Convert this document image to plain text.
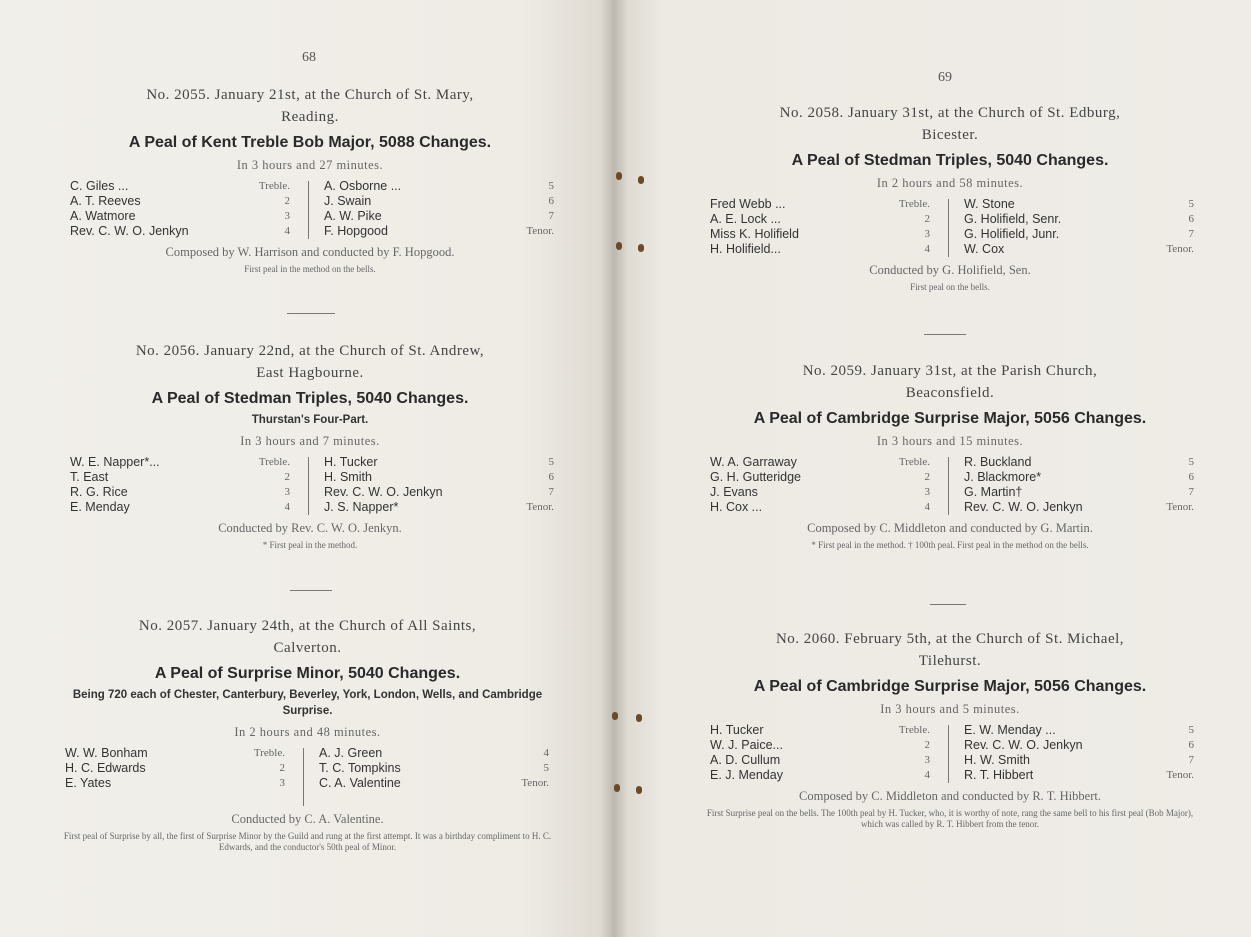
68
No. 2055. January 21st, at the Church of St. Mary,
Reading.
A Peal of Kent Treble Bob Major, 5088 Changes.
In 3 hours and 27 minutes.
C. Giles ...
A. T. Reeves
A. Watmore
Rev. C. W. O. Jenkyn
Treble.
2
3
4
A. Osborne ...
J. Swain
A. W. Pike
F. Hopgood
5
6
7
Tenor.
Composed by W. Harrison and conducted by F. Hopgood.
First peal in the method on the bells.
No. 2056. January 22nd, at the Church of St. Andrew,
East Hagbourne.
A Peal of Stedman Triples, 5040 Changes.
Thurstan's Four-Part.
In 3 hours and 7 minutes.
W. E. Napper*...
T. East
R. G. Rice
E. Menday
Treble.
2
3
4
H. Tucker
H. Smith
Rev. C. W. O. Jenkyn
J. S. Napper*
5
6
7
Tenor.
Conducted by Rev. C. W. O. Jenkyn.
* First peal in the method.
No. 2057. January 24th, at the Church of All Saints,
Calverton.
A Peal of Surprise Minor, 5040 Changes.
Being 720 each of Chester, Canterbury, Beverley, York, London, Wells, and Cambridge Surprise.
In 2 hours and 48 minutes.
W. W. Bonham
H. C. Edwards
E. Yates
Treble.
2
3
A. J. Green
T. C. Tompkins
C. A. Valentine
4
5
Tenor.
Conducted by C. A. Valentine.
First peal of Surprise by all, the first of Surprise Minor by the Guild and rung at the first attempt. It was a birthday compliment to H. C. Edwards, and the conductor's 50th peal of Minor.
69
No. 2058. January 31st, at the Church of St. Edburg,
Bicester.
A Peal of Stedman Triples, 5040 Changes.
In 2 hours and 58 minutes.
Fred Webb ...
A. E. Lock ...
Miss K. Holifield
H. Holifield...
Treble.
2
3
4
W. Stone
G. Holifield, Senr.
G. Holifield, Junr.
W. Cox
5
6
7
Tenor.
Conducted by G. Holifield, Sen.
First peal on the bells.
No. 2059. January 31st, at the Parish Church,
Beaconsfield.
A Peal of Cambridge Surprise Major, 5056 Changes.
In 3 hours and 15 minutes.
W. A. Garraway
G. H. Gutteridge
J. Evans
H. Cox ...
Treble.
2
3
4
R. Buckland
J. Blackmore*
G. Martin†
Rev. C. W. O. Jenkyn
5
6
7
Tenor.
Composed by C. Middleton and conducted by G. Martin.
* First peal in the method. † 100th peal. First peal in the method on the bells.
No. 2060. February 5th, at the Church of St. Michael,
Tilehurst.
A Peal of Cambridge Surprise Major, 5056 Changes.
In 3 hours and 5 minutes.
H. Tucker
W. J. Paice...
A. D. Cullum
E. J. Menday
Treble.
2
3
4
E. W. Menday ...
Rev. C. W. O. Jenkyn
H. W. Smith
R. T. Hibbert
5
6
7
Tenor.
Composed by C. Middleton and conducted by R. T. Hibbert.
First Surprise peal on the bells. The 100th peal by H. Tucker, who, it is worthy of note, rang the same bell to his first peal (Bob Major), which was called by R. T. Hibbert from the tenor.
